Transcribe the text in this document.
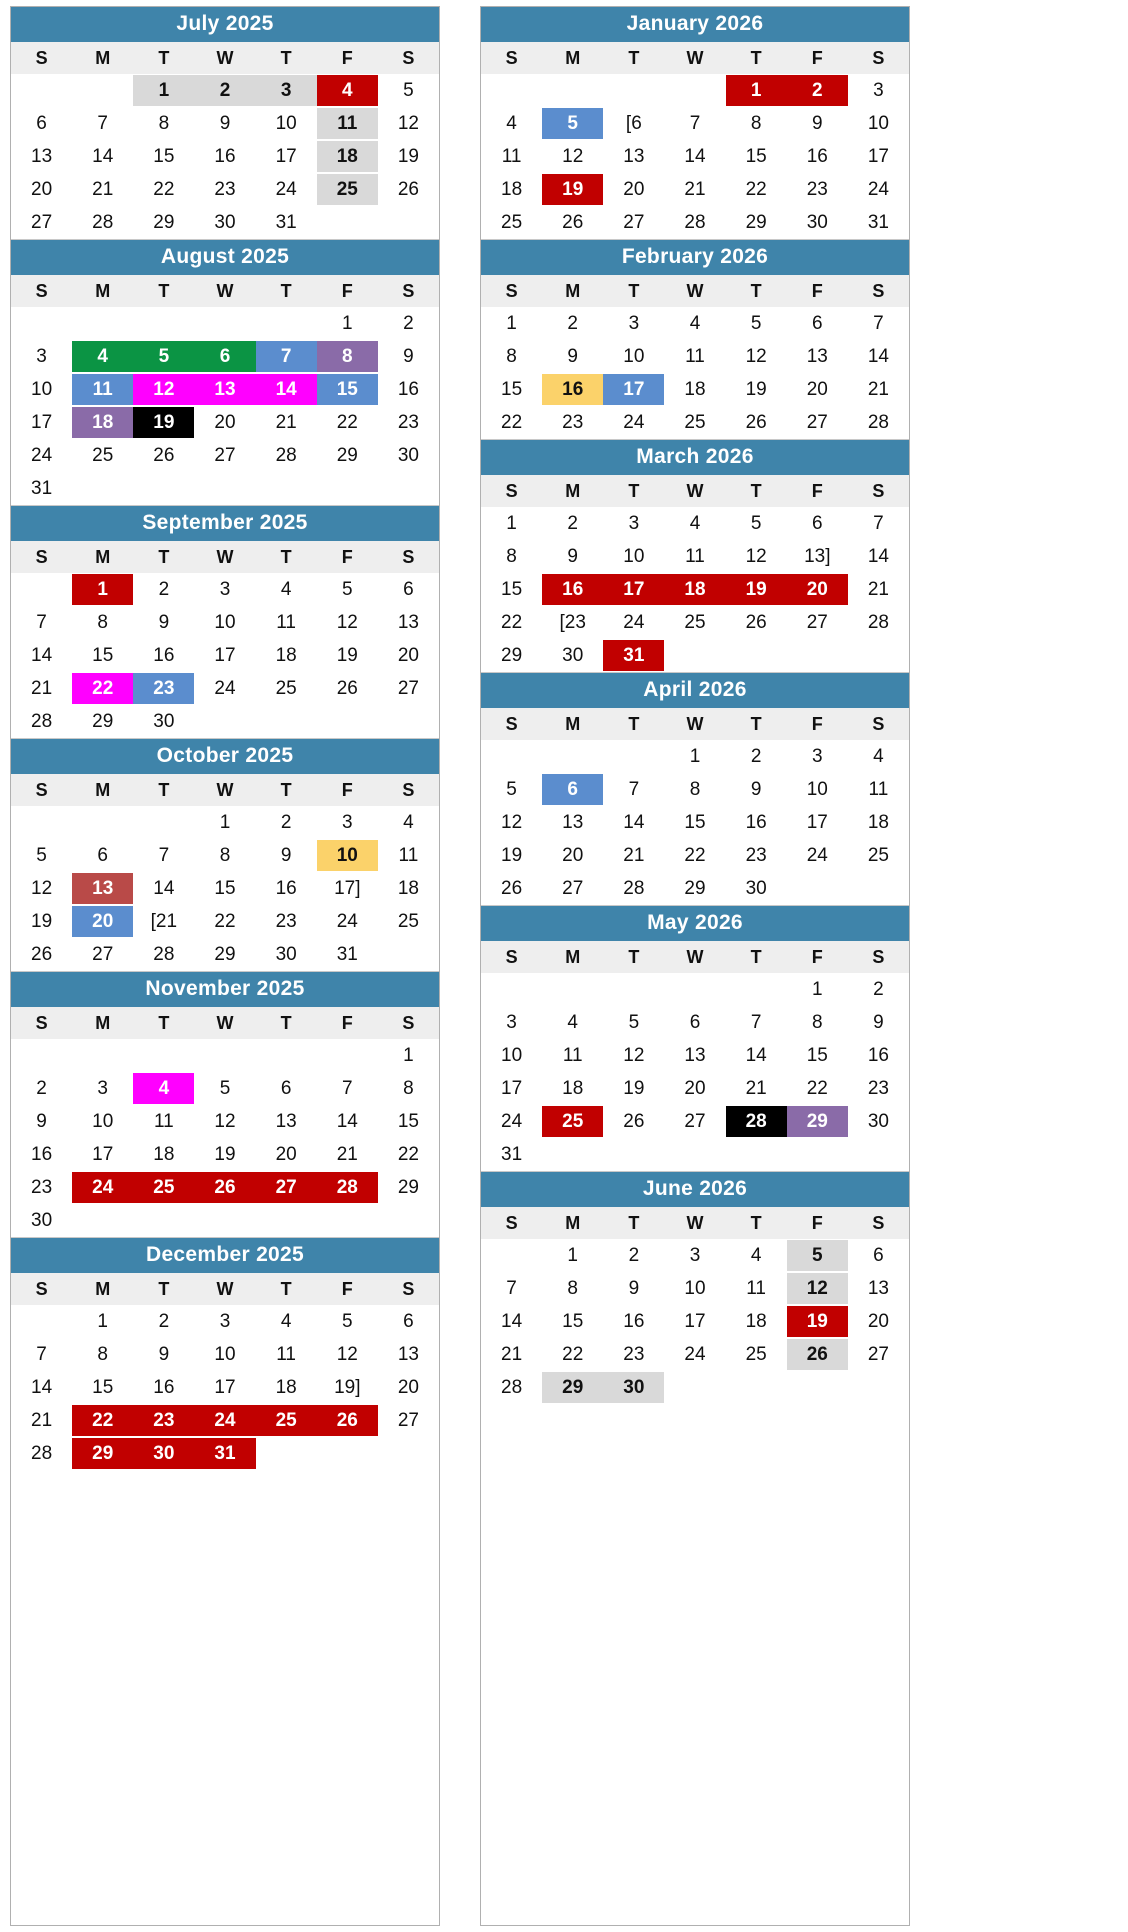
July 2025
S	M	T	W	T	F	S

		1	2	3	4	5

6	7	8	9	10	11	12

13	14	15	16	17	18	19

20	21	22	23	24	25	26

27	28	29	30	31		

August 2025
S	M	T	W	T	F	S

					1	2

3	4	5	6	7	8	9

10	11	12	13	14	15	16

17	18	19	20	21	22	23

24	25	26	27	28	29	30

31						

September 2025
S	M	T	W	T	F	S

	1	2	3	4	5	6

7	8	9	10	11	12	13

14	15	16	17	18	19	20

21	22	23	24	25	26	27

28	29	30				

October 2025
S	M	T	W	T	F	S

			1	2	3	4

5	6	7	8	9	10	11

12	13	14	15	16	17]	18

19	20	[21	22	23	24	25

26	27	28	29	30	31	

November 2025
S	M	T	W	T	F	S

						1

2	3	4	5	6	7	8

9	10	11	12	13	14	15

16	17	18	19	20	21	22

23	24	25	26	27	28	29

30						

December 2025
S	M	T	W	T	F	S

	1	2	3	4	5	6

7	8	9	10	11	12	13

14	15	16	17	18	19]	20

21	22	23	24	25	26	27

28	29	30	31			

January 2026
S	M	T	W	T	F	S

				1	2	3

4	5	[6	7	8	9	10

11	12	13	14	15	16	17

18	19	20	21	22	23	24

25	26	27	28	29	30	31
February 2026
S	M	T	W	T	F	S

1	2	3	4	5	6	7

8	9	10	11	12	13	14

15	16	17	18	19	20	21

22	23	24	25	26	27	28
March 2026
S	M	T	W	T	F	S

1	2	3	4	5	6	7

8	9	10	11	12	13]	14

15	16	17	18	19	20	21

22	[23	24	25	26	27	28

29	30	31				

April 2026
S	M	T	W	T	F	S

			1	2	3	4

5	6	7	8	9	10	11

12	13	14	15	16	17	18

19	20	21	22	23	24	25

26	27	28	29	30		

May 2026
S	M	T	W	T	F	S

					1	2

3	4	5	6	7	8	9

10	11	12	13	14	15	16

17	18	19	20	21	22	23

24	25	26	27	28	29	30

31						

June 2026
S	M	T	W	T	F	S

	1	2	3	4	5	6

7	8	9	10	11	12	13

14	15	16	17	18	19	20

21	22	23	24	25	26	27

28	29	30				
